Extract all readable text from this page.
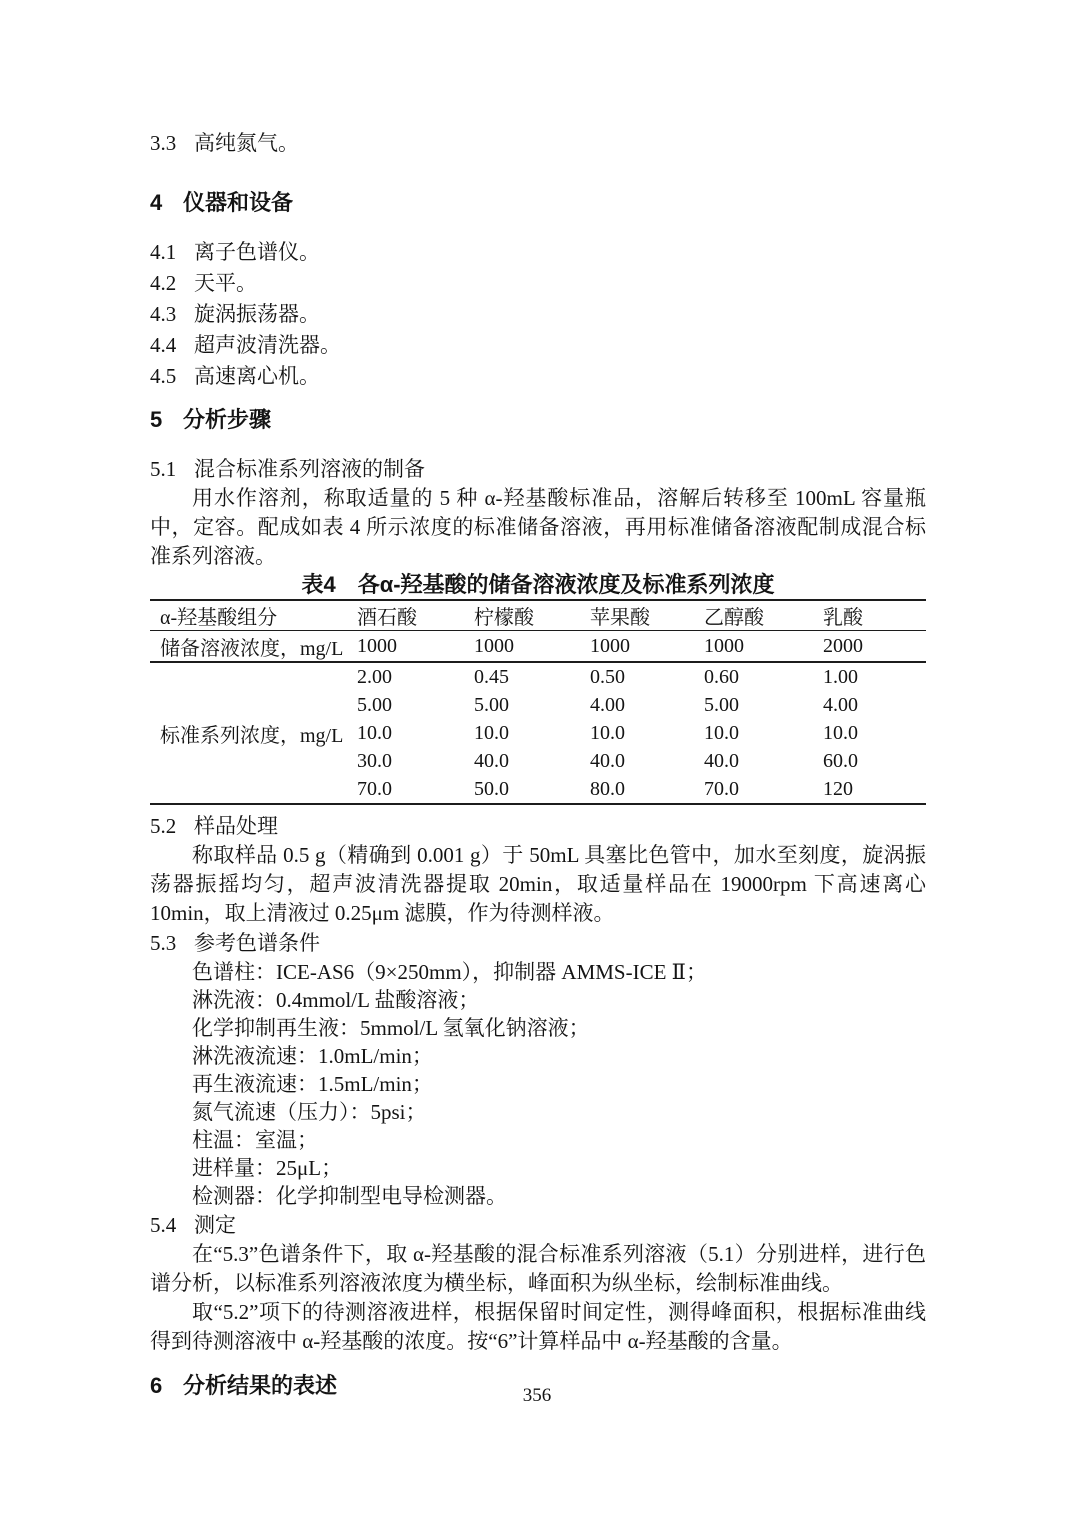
3.3 高纯氮气。
4 仪器和设备
4.1 离子色谱仪。
4.2 天平。
4.3 旋涡振荡器。
4.4 超声波清洗器。
4.5 高速离心机。
5 分析步骤
5.1 混合标准系列溶液的制备

用水作溶剂，称取适量的 5 种 α-羟基酸标准品，溶解后转移至 100mL 容量瓶中，定容。配成如表 4 所示浓度的标准储备溶液，再用标准储备溶液配制成混合标准系列溶液。

表4　各α-羟基酸的储备溶液浓度及标准系列浓度

α-羟基酸组分	酒石酸	柠檬酸	苹果酸	乙醇酸	乳酸
储备溶液浓度，mg/L	1000	1000	1000	1000	2000
标准系列浓度，mg/L	2.00	0.45	0.50	0.60	1.00
	5.00	5.00	4.00	5.00	4.00
	10.0	10.0	10.0	10.0	10.0
	30.0	40.0	40.0	40.0	60.0
	70.0	50.0	80.0	70.0	120
5.2 样品处理

称取样品 0.5 g（精确到 0.001 g）于 50mL 具塞比色管中，加水至刻度，旋涡振荡器振摇均匀，超声波清洗器提取 20min，取适量样品在 19000rpm 下高速离心 10min，取上清液过 0.25μm 滤膜，作为待测样液。

5.3 参考色谱条件
色谱柱：ICE-AS6（9×250mm），抑制器 AMMS-ICE Ⅱ；
淋洗液：0.4mmol/L 盐酸溶液；
化学抑制再生液：5mmol/L 氢氧化钠溶液；
淋洗液流速：1.0mL/min；
再生液流速：1.5mL/min；
氮气流速（压力）：5psi；
柱温：室温；
进样量：25μL；
检测器：化学抑制型电导检测器。
5.4 测定

在“5.3”色谱条件下，取 α-羟基酸的混合标准系列溶液（5.1）分别进样，进行色谱分析，以标准系列溶液浓度为横坐标，峰面积为纵坐标，绘制标准曲线。

取“5.2”项下的待测溶液进样，根据保留时间定性，测得峰面积，根据标准曲线得到待测溶液中 α-羟基酸的浓度。按“6”计算样品中 α-羟基酸的含量。

6 分析结果的表述	356
